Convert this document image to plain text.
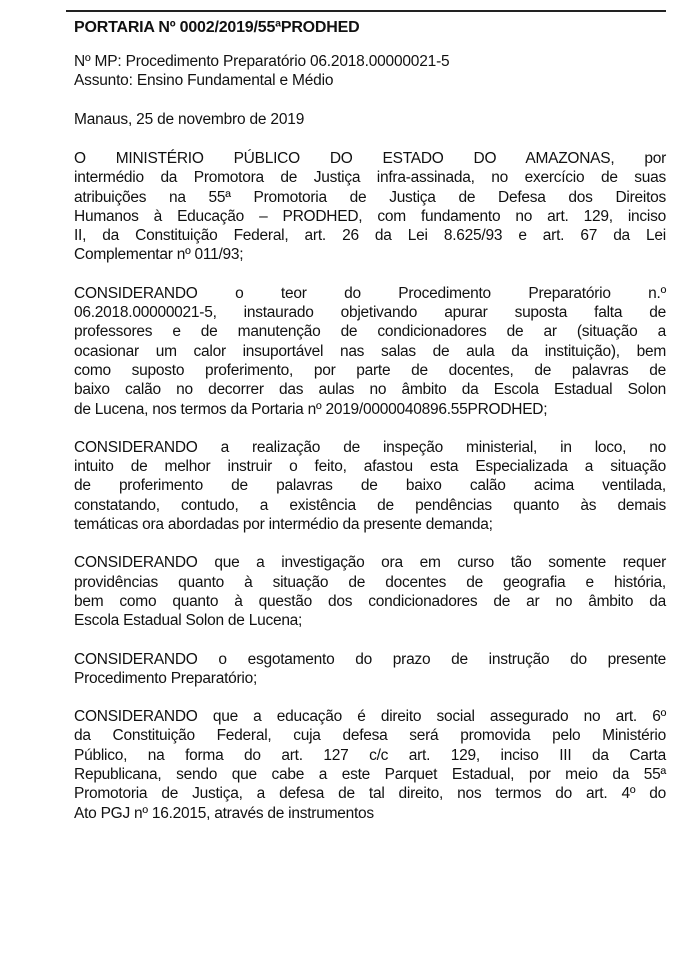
PORTARIA Nº 0002/2019/55ªPRODHED
Nº MP: Procedimento Preparatório 06.2018.00000021-5
Assunto: Ensino Fundamental e Médio
Manaus, 25 de novembro de 2019
O MINISTÉRIO PÚBLICO DO ESTADO DO AMAZONAS, por
intermédio da Promotora de Justiça infra-assinada, no exercício de suas
atribuições na 55ª Promotoria de Justiça de Defesa dos Direitos
Humanos à Educação – PRODHED, com fundamento no art. 129, inciso
II, da Constituição Federal, art. 26 da Lei 8.625/93 e art. 67 da Lei
Complementar nº 011/93;
CONSIDERANDO o teor do Procedimento Preparatório n.º
06.2018.00000021-5, instaurado objetivando apurar suposta falta de
professores e de manutenção de condicionadores de ar (situação a
ocasionar um calor insuportável nas salas de aula da instituição), bem
como suposto proferimento, por parte de docentes, de palavras de
baixo calão no decorrer das aulas no âmbito da Escola Estadual Solon
de Lucena, nos termos da Portaria nº 2019/0000040896.55PRODHED;
CONSIDERANDO a realização de inspeção ministerial, in loco, no
intuito de melhor instruir o feito, afastou esta Especializada a situação
de proferimento de palavras de baixo calão acima ventilada,
constatando, contudo, a existência de pendências quanto às demais
temáticas ora abordadas por intermédio da presente demanda;
CONSIDERANDO que a investigação ora em curso tão somente requer
providências quanto à situação de docentes de geografia e história,
bem como quanto à questão dos condicionadores de ar no âmbito da
Escola Estadual Solon de Lucena;
CONSIDERANDO o esgotamento do prazo de instrução do presente
Procedimento Preparatório;
CONSIDERANDO que a educação é direito social assegurado no art. 6º
da Constituição Federal, cuja defesa será promovida pelo Ministério
Público, na forma do art. 127 c/c art. 129, inciso III da Carta
Republicana, sendo que cabe a este Parquet Estadual, por meio da 55ª
Promotoria de Justiça, a defesa de tal direito, nos termos do art. 4º do
Ato PGJ nº 16.2015, através de instrumentos
